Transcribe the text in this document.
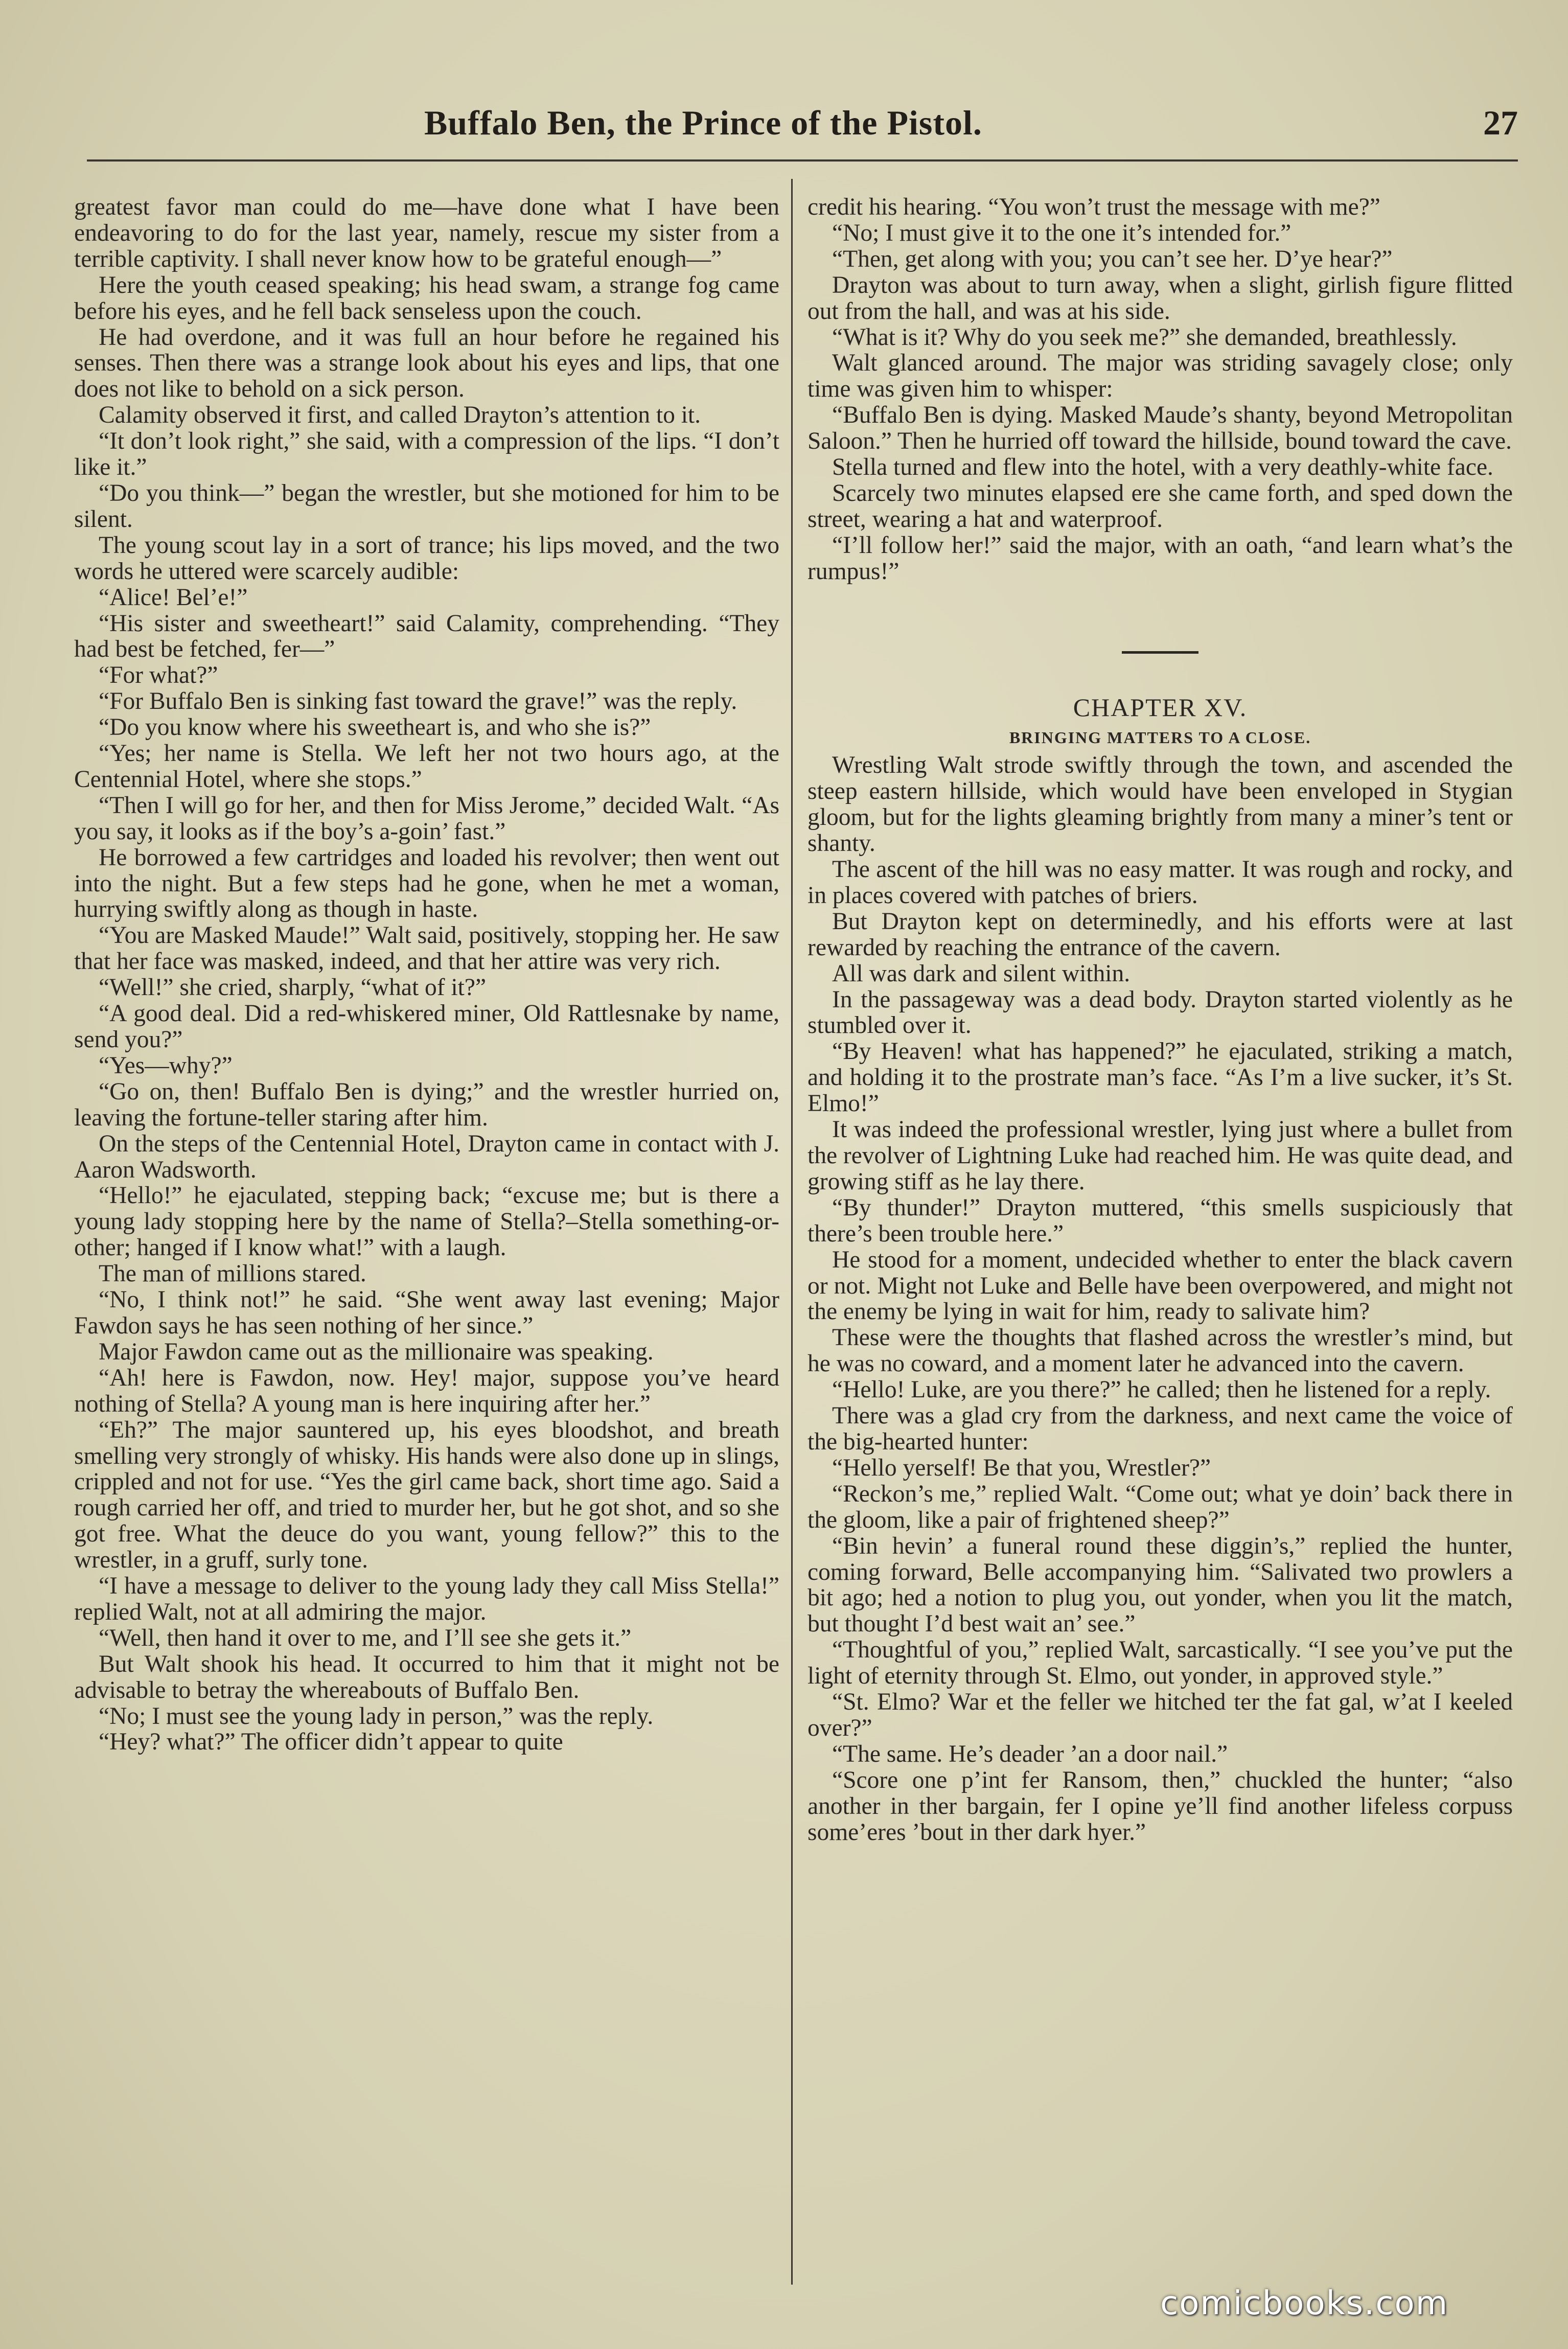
Buffalo Ben, the Prince of the Pistol.	27

greatest favor man could do me—have done what I have been endeavoring to do for the last year, namely, rescue my sister from a terrible captivity. I shall never know how to be grateful enough—”

Here the youth ceased speaking; his head swam, a strange fog came before his eyes, and he fell back senseless upon the couch.

He had overdone, and it was full an hour before he regained his senses. Then there was a strange look about his eyes and lips, that one does not like to behold on a sick person.

Calamity observed it first, and called Drayton’s attention to it.

“It don’t look right,” she said, with a compression of the lips. “I don’t like it.”

“Do you think—” began the wrestler, but she motioned for him to be silent.

The young scout lay in a sort of trance; his lips moved, and the two words he uttered were scarcely audible:

“Alice! Bel’e!”

“His sister and sweetheart!” said Calamity, comprehending. “They had best be fetched, fer—”

“For what?”

“For Buffalo Ben is sinking fast toward the grave!” was the reply.

“Do you know where his sweetheart is, and who she is?”

“Yes; her name is Stella. We left her not two hours ago, at the Centennial Hotel, where she stops.”

“Then I will go for her, and then for Miss Jerome,” decided Walt. “As you say, it looks as if the boy’s a-goin’ fast.”

He borrowed a few cartridges and loaded his revolver; then went out into the night. But a few steps had he gone, when he met a woman, hurrying swiftly along as though in haste.

“You are Masked Maude!” Walt said, positively, stopping her. He saw that her face was masked, indeed, and that her attire was very rich.

“Well!” she cried, sharply, “what of it?”

“A good deal. Did a red-whiskered miner, Old Rattlesnake by name, send you?”

“Yes—why?”

“Go on, then! Buffalo Ben is dying;” and the wrestler hurried on, leaving the fortune-teller staring after him.

On the steps of the Centennial Hotel, Drayton came in contact with J. Aaron Wadsworth.

“Hello!” he ejaculated, stepping back; “excuse me; but is there a young lady stopping here by the name of Stella?–Stella something-or-other; hanged if I know what!” with a laugh.

The man of millions stared.

“No, I think not!” he said. “She went away last evening; Major Fawdon says he has seen nothing of her since.”

Major Fawdon came out as the millionaire was speaking.

“Ah! here is Fawdon, now. Hey! major, suppose you’ve heard nothing of Stella? A young man is here inquiring after her.”

“Eh?” The major sauntered up, his eyes bloodshot, and breath smelling very strongly of whisky. His hands were also done up in slings, crippled and not for use. “Yes the girl came back, short time ago. Said a rough carried her off, and tried to murder her, but he got shot, and so she got free. What the deuce do you want, young fellow?” this to the wrestler, in a gruff, surly tone.

“I have a message to deliver to the young lady they call Miss Stella!” replied Walt, not at all admiring the major.

“Well, then hand it over to me, and I’ll see she gets it.”

But Walt shook his head. It occurred to him that it might not be advisable to betray the whereabouts of Buffalo Ben.

“No; I must see the young lady in person,” was the reply.

“Hey? what?” The officer didn’t appear to quite

credit his hearing. “You won’t trust the message with me?”

“No; I must give it to the one it’s intended for.”

“Then, get along with you; you can’t see her. D’ye hear?”

Drayton was about to turn away, when a slight, girlish figure flitted out from the hall, and was at his side.

“What is it? Why do you seek me?” she demanded, breathlessly.

Walt glanced around. The major was striding savagely close; only time was given him to whisper:

“Buffalo Ben is dying. Masked Maude’s shanty, beyond Metropolitan Saloon.” Then he hurried off toward the hillside, bound toward the cave.

Stella turned and flew into the hotel, with a very deathly-white face.

Scarcely two minutes elapsed ere she came forth, and sped down the street, wearing a hat and waterproof.

“I’ll follow her!” said the major, with an oath, “and learn what’s the rumpus!”

CHAPTER XV.
BRINGING MATTERS TO A CLOSE.

Wrestling Walt strode swiftly through the town, and ascended the steep eastern hillside, which would have been enveloped in Stygian gloom, but for the lights gleaming brightly from many a miner’s tent or shanty.

The ascent of the hill was no easy matter. It was rough and rocky, and in places covered with patches of briers.

But Drayton kept on determinedly, and his efforts were at last rewarded by reaching the entrance of the cavern.

All was dark and silent within.

In the passageway was a dead body. Drayton started violently as he stumbled over it.

“By Heaven! what has happened?” he ejaculated, striking a match, and holding it to the prostrate man’s face. “As I’m a live sucker, it’s St. Elmo!”

It was indeed the professional wrestler, lying just where a bullet from the revolver of Lightning Luke had reached him. He was quite dead, and growing stiff as he lay there.

“By thunder!” Drayton muttered, “this smells suspiciously that there’s been trouble here.”

He stood for a moment, undecided whether to enter the black cavern or not. Might not Luke and Belle have been overpowered, and might not the enemy be lying in wait for him, ready to salivate him?

These were the thoughts that flashed across the wrestler’s mind, but he was no coward, and a moment later he advanced into the cavern.

“Hello! Luke, are you there?” he called; then he listened for a reply.

There was a glad cry from the darkness, and next came the voice of the big-hearted hunter:

“Hello yerself! Be that you, Wrestler?”

“Reckon’s me,” replied Walt. “Come out; what ye doin’ back there in the gloom, like a pair of frightened sheep?”

“Bin hevin’ a funeral round these diggin’s,” replied the hunter, coming forward, Belle accompanying him. “Salivated two prowlers a bit ago; hed a notion to plug you, out yonder, when you lit the match, but thought I’d best wait an’ see.”

“Thoughtful of you,” replied Walt, sarcastically. “I see you’ve put the light of eternity through St. Elmo, out yonder, in approved style.”

“St. Elmo? War et the feller we hitched ter the fat gal, w’at I keeled over?”

“The same. He’s deader ’an a door nail.”

“Score one p’int fer Ransom, then,” chuckled the hunter; “also another in ther bargain, fer I opine ye’ll find another lifeless corpuss some’eres ’bout in ther dark hyer.”

comicbooks.com
